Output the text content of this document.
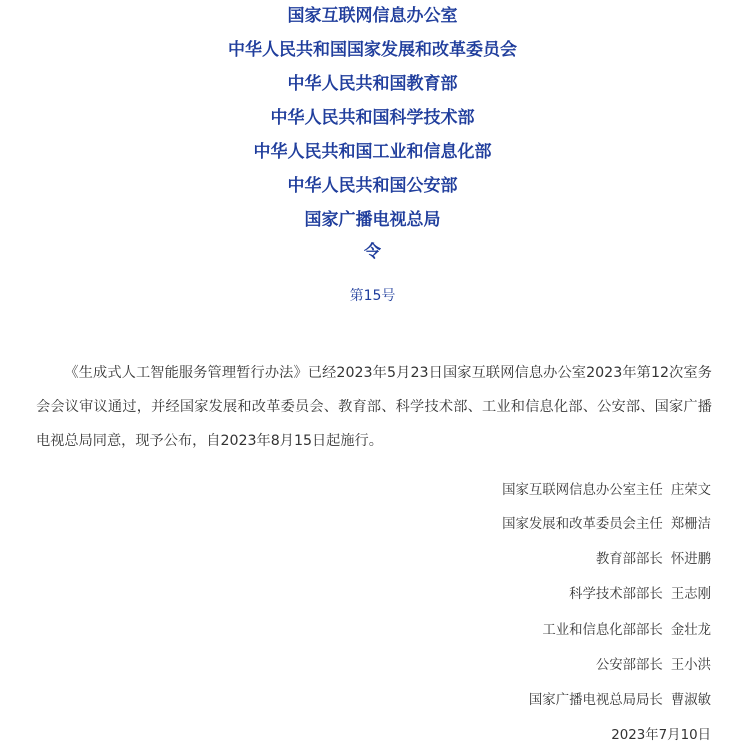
国家互联网信息办公室
中华人民共和国国家发展和改革委员会
中华人民共和国教育部
中华人民共和国科学技术部
中华人民共和国工业和信息化部
中华人民共和国公安部
国家广播电视总局
令
第15号

《生成式人工智能服务管理暂行办法》已经2023年5月23日国家互联网信息办公室2023年第12次室务会会议审议通过，并经国家发展和改革委员会、教育部、科学技术部、工业和信息化部、公安部、国家广播电视总局同意，现予公布，自2023年8月15日起施行。

国家互联网信息办公室主任 庄荣文
国家发展和改革委员会主任 郑栅洁
教育部部长 怀进鹏
科学技术部部长 王志刚
工业和信息化部部长 金壮龙
公安部部长 王小洪
国家广播电视总局局长 曹淑敏
2023年7月10日
